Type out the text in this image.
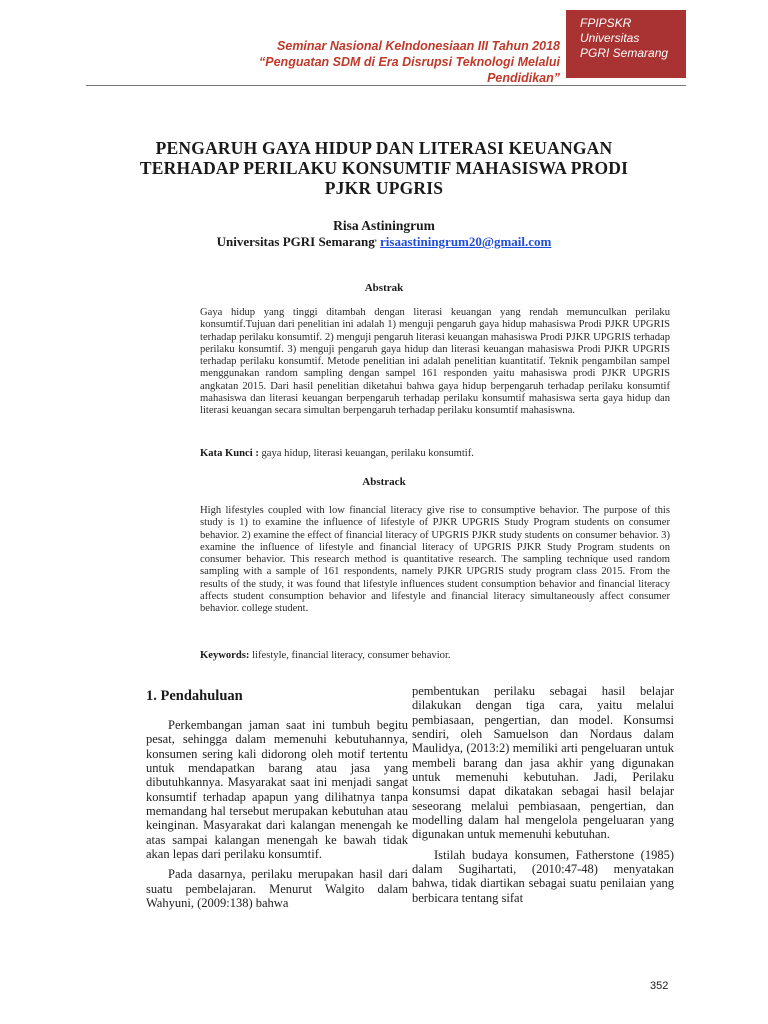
Seminar Nasional KeIndonesiaan III Tahun 2018
“Penguatan SDM di Era Disrupsi Teknologi Melalui Pendidikan”
FPIPSKR
Universitas
PGRI Semarang
PENGARUH GAYA HIDUP DAN LITERASI KEUANGAN
TERHADAP PERILAKU KONSUMTIF MAHASISWA PRODI
PJKR UPGRIS
Risa Astiningrum
Universitas PGRI Semarang, risaastiningrum20@gmail.com
Abstrak
Gaya hidup yang tinggi ditambah dengan literasi keuangan yang rendah memunculkan perilaku konsumtif.Tujuan dari penelitian ini adalah 1) menguji pengaruh gaya hidup mahasiswa Prodi PJKR UPGRIS terhadap perilaku konsumtif. 2) menguji pengaruh literasi keuangan mahasiswa Prodi PJKR UPGRIS terhadap perilaku konsumtif. 3) menguji pengaruh gaya hidup dan literasi keuangan mahasiswa Prodi PJKR UPGRIS terhadap perilaku konsumtif. Metode penelitian ini adalah penelitian kuantitatif. Teknik pengambilan sampel menggunakan random sampling dengan sampel 161 responden yaitu mahasiswa prodi PJKR UPGRIS angkatan 2015. Dari hasil penelitian diketahui bahwa gaya hidup berpengaruh terhadap perilaku konsumtif mahasiswa dan literasi keuangan berpengaruh terhadap perilaku konsumtif mahasiswa serta gaya hidup dan literasi keuangan secara simultan berpengaruh terhadap perilaku konsumtif mahasiswna.
Kata Kunci : gaya hidup, literasi keuangan, perilaku konsumtif.
Abstrack
High lifestyles coupled with low financial literacy give rise to consumptive behavior. The purpose of this study is 1) to examine the influence of lifestyle of PJKR UPGRIS Study Program students on consumer behavior. 2) examine the effect of financial literacy of UPGRIS PJKR study students on consumer behavior. 3) examine the influence of lifestyle and financial literacy of UPGRIS PJKR Study Program students on consumer behavior. This research method is quantitative research. The sampling technique used random sampling with a sample of 161 respondents, namely PJKR UPGRIS study program class 2015. From the results of the study, it was found that lifestyle influences student consumption behavior and financial literacy affects student consumption behavior and lifestyle and financial literacy simultaneously affect consumer behavior. college student.
Keywords: lifestyle, financial literacy, consumer behavior.
1. Pendahuluan

Perkembangan jaman saat ini tumbuh begitu pesat, sehingga dalam memenuhi kebutuhannya, konsumen sering kali didorong oleh motif tertentu untuk mendapatkan barang atau jasa yang dibutuhkannya. Masyarakat saat ini menjadi sangat konsumtif terhadap apapun yang dilihatnya tanpa memandang hal tersebut merupakan kebutuhan atau keinginan. Masyarakat dari kalangan menengah ke atas sampai kalangan menengah ke bawah tidak akan lepas dari perilaku konsumtif.

Pada dasarnya, perilaku merupakan hasil dari suatu pembelajaran. Menurut Walgito dalam Wahyuni, (2009:138) bahwa

pembentukan perilaku sebagai hasil belajar dilakukan dengan tiga cara, yaitu melalui pembiasaan, pengertian, dan model. Konsumsi sendiri, oleh Samuelson dan Nordaus dalam Maulidya, (2013:2) memiliki arti pengeluaran untuk membeli barang dan jasa akhir yang digunakan untuk memenuhi kebutuhan. Jadi, Perilaku konsumsi dapat dikatakan sebagai hasil belajar seseorang melalui pembiasaan, pengertian, dan modelling dalam hal mengelola pengeluaran yang digunakan untuk memenuhi kebutuhan.

Istilah budaya konsumen, Fatherstone (1985) dalam Sugihartati, (2010:47-48) menyatakan bahwa, tidak diartikan sebagai suatu penilaian yang berbicara tentang sifat

352
